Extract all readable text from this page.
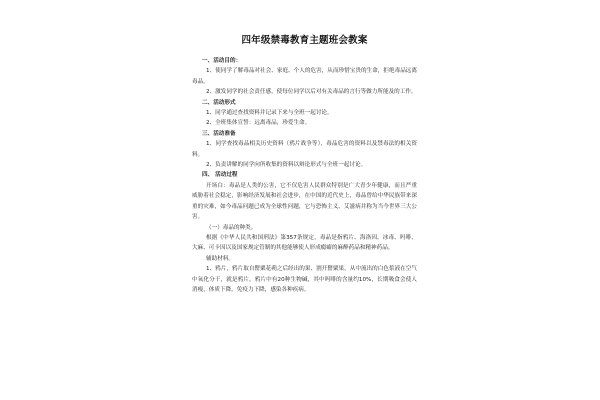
四年级禁毒教育主题班会教案
一、活动目的：
1、使同学了解毒品对社会、家庭、个人的危害，从而珍惜宝贵的生命，拒绝毒品远离毒品。
2、激发同学的社会责任感，使每位同学以后对有关毒品的言行等做力所能及的工作。
二、活动形式
1、同学通过查找资料并记录下来与全班一起讨论。
2、全班集体宣誓：远离毒品，珍爱生命。
三、活动准备
1、同学查找毒品相关历史资料（鸦片战争等），毒品危害的资料以及禁毒法的相关资料。
2、负责讲解的同学向所收集的资料以辩论形式与全班一起讨论。
四、 活动过程
开场白：毒品是人类的公害，它不仅危害人民群众特别是广大青少年健康，而且严重威胁着社会稳定，影响经济发展和社会进步，在中国的近代史上，毒品曾给中华民族带来深重的灾难，如今毒品问题已成为全球性问题，它与恐怖主义、艾滋病并称为当今世界三大公害。
（一）毒品的种类。
根据《中华人民共和国刑法》第357条规定，毒品是指鸦片、海洛因、冰毒、吗啡、大麻、可卡因以及国家规定管制的其他能够使人形成瘾癖的麻醉药品和精神药品。
辅助材料。
1、鸦片，鸦片取自罂粟花蒴之后经出的果、割开罂粟果，从中流出的白色浆液在空气中氧化分干，就是鸦片，鸦片中有20种生物碱，其中吗啡的含量约10%，长期吸食会使人消瘦，体质下降，免疫力下降，感染各种疾病。
